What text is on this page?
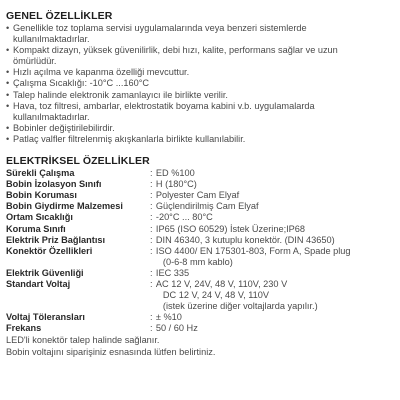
GENEL ÖZELLİKLER
• Genellikle toz toplama servisi uygulamalarında veya benzeri sistemlerde
kullanılmaktadırlar.
• Kompakt dizayn, yüksek güvenilirlik, debi hızı, kalite, performans sağlar ve uzun
ömürlüdür.
• Hızlı açılma ve kapanma özelliği mevcuttur.
• Çalışma Sıcaklığı: -10°C ...160°C
• Talep halinde elektronik zamanlayıcı ile birlikte verilir.
• Hava, toz filtresi, ambarlar, elektrostatik boyama kabini v.b. uygulamalarda
kullanılmaktadırlar.
• Bobinler değiştirilebilirdir.
• Patlaç valfler filtrelenmiş akışkanlarla birlikte kullanılabilir.
ELEKTRİKSEL ÖZELLİKLER
Sürekli Çalışma	:	ED %100

Bobin İzolasyon Sınıfı	:	H (180°C)

Bobin Koruması	:	Polyester Cam Elyaf

Bobin Giydirme Malzemesi	:	Güçlendirilmiş Cam Elyaf

Ortam Sıcaklığı	:	-20°C ... 80°C

Koruma Sınıfı	:	IP65 (ISO 60529) İstek Üzerine;IP68

Elektrik Priz Bağlantısı	:	DIN 46340, 3 kutuplu konektör. (DIN 43650)

Konektör Özellikleri	:	ISO 4400/ EN 175301-803, Form A, Spade plug
(0-6-8 mm kablo)

Elektrik Güvenliği	:	IEC 335

Standart Voltaj	:	AC 12 V, 24V, 48 V, 110V, 230 V
DC 12 V, 24 V, 48 V, 110V
(istek üzerine diğer voltajlarda yapılır.)

Voltaj Töleransları	:	± %10

Frekans	:	50 / 60 Hz

LED'li konektör talep halinde sağlanır.

Bobin voltajını siparişiniz esnasında lütfen belirtiniz.
